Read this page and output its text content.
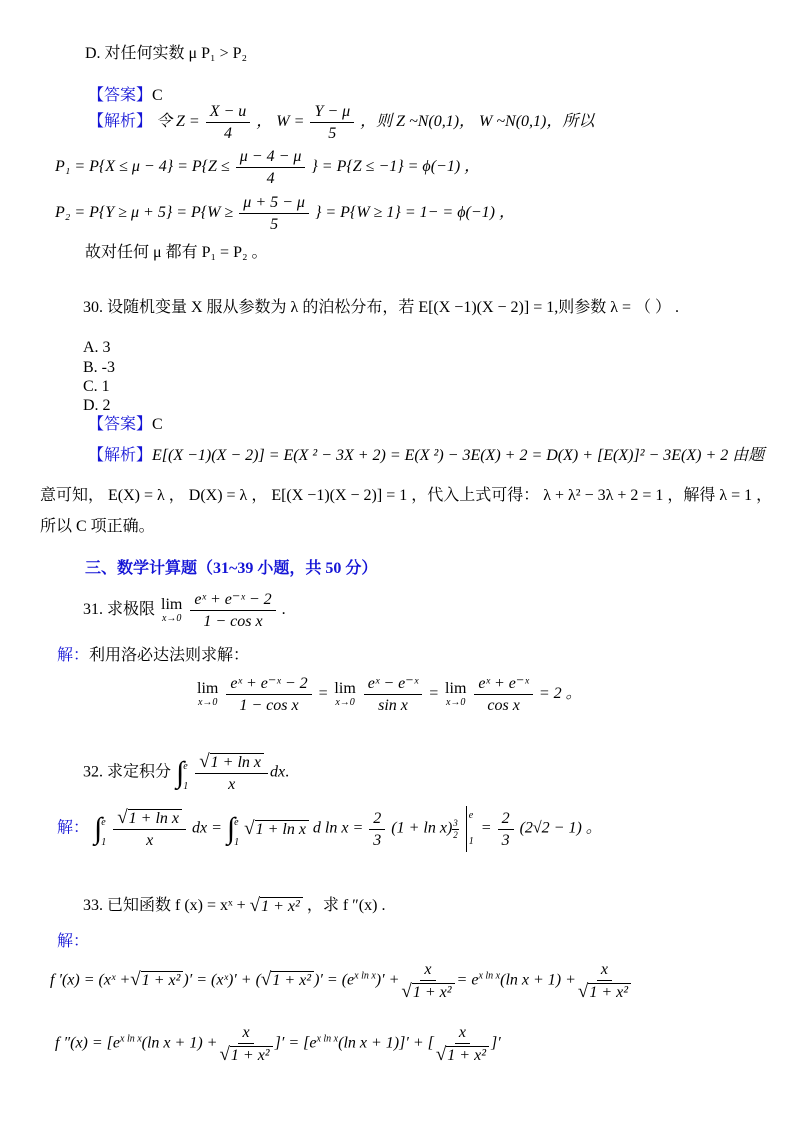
D. 对任何实数 μ P₁ > P₂
【答案】C
【解析】 令 $Z = \frac{X - u}{4}$ ， $W = \frac{Y - \mu}{5}$ ，则 Z ~N(0,1)， W ~N(0,1)，所以
$P_1 = P\{X \le \mu - 4\} = P\{Z \le \frac{\mu - 4 - \mu}{4}$ } = P{Z ≤ −1} = ϕ(−1) ，
$P_2 = P\{Y \ge \mu + 5\} = P\{W \ge \frac{\mu + 5 - \mu}{5}$ } = P{W ≥ 1} = 1− = ϕ(−1) ，
故对任何 μ 都有 P₁ = P₂ 。
30. 设随机变量 X 服从参数为 λ 的泊松分布，若 E[(X −1)(X − 2)] = 1,则参数 λ = （ ） .
A. 3
B. -3
C. 1
D. 2
【答案】C
【解析】E[(X −1)(X − 2)] = E(X ² − 3X + 2) = E(X ²) − 3E(X) + 2 = D(X) + [E(X)]² − 3E(X) + 2 由题
意可知， E(X) = λ ， D(X) = λ ， E[(X −1)(X − 2)] = 1 ，代入上式可得： λ + λ² − 3λ + 2 = 1 ，解得 λ = 1 ，
所以 C 项正确。
三、数学计算题（31~39 小题，共 50 分）
31. 求极限 lim
x→0
$\frac{\text{eˣ + e⁻ˣ − 2}}{\text{1 − cos x}}$ .
解：利用洛必达法则求解：
lim
x→0
$\frac{\text{eˣ + e⁻ˣ − 2}}{\text{1 − cos x}} = \lim$
x→0
$\frac{\text{eˣ − e⁻ˣ}}{\text{sin x}} = \lim$
x→0
$\frac{\text{eˣ + e⁻ˣ}}{\text{cos x}} = 2$ 。
32. 求定积分 ∫ e
1
$\frac{\text{√ 1 + ln x}}{x}$ dx.
解： ∫ e
1
$\frac{\text{√ 1 + ln x}}{x}$ dx = ∫ e
1

√ 1 + ln x d $\ln x = \frac{2}{3} (1 + \ln x) \frac{3}{2}$

e
1
= $\frac{2}{3} (2√2 - 1)$ 。
33. 已知函数 f (x) = xˣ + √ 1 + x² ，求 f ″(x) .
解：
f ′(x) = (xˣ + √ 1 + x² )′ = (xˣ)′ + ( √ 1 + x² )′ = $(e^{x ln x})' + \frac{x}{\text{√ 1 + x²}} = e^{x ln x}(\ln$ $x + 1) + \frac{x}{\text{√ 1 + x²}}$
f $''(x) = [e^{x ln x}(\ln$ $x + 1) + \frac{x}{\text{√ 1 + x²}}$ ]′ = [$e^{x ln x}(\ln$ x + 1)]′ + [ $\frac{x}{\text{√ 1 + x²}}$ ]′
